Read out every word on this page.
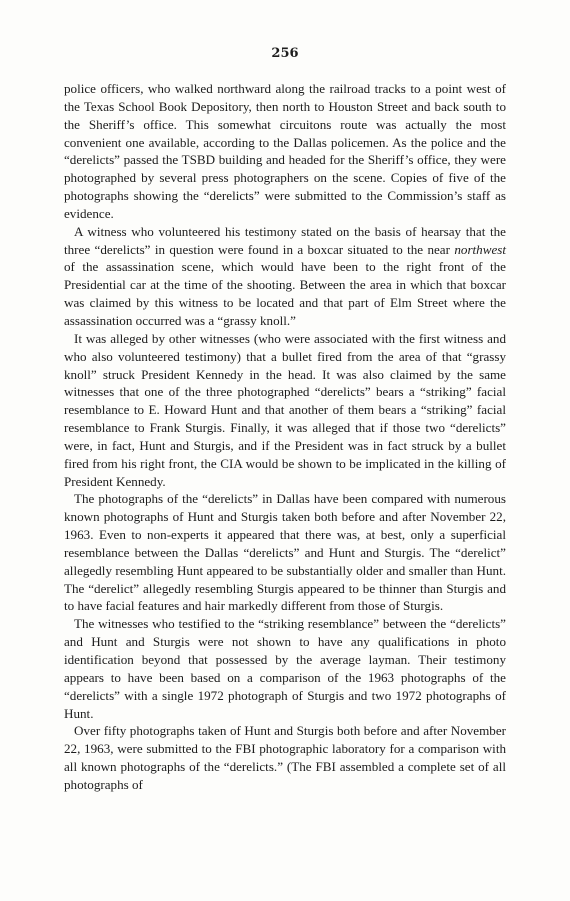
256

police officers, who walked northward along the railroad tracks to a point west of the Texas School Book Depository, then north to Houston Street and back south to the Sheriff’s office. This somewhat circuitons route was actually the most convenient one available, according to the Dallas policemen. As the police and the “derelicts” passed the TSBD building and headed for the Sheriff’s office, they were photographed by several press photographers on the scene. Copies of five of the photographs showing the “derelicts” were submitted to the Commission’s staff as evidence.

A witness who volunteered his testimony stated on the basis of hearsay that the three “derelicts” in question were found in a boxcar situated to the near northwest of the assassination scene, which would have been to the right front of the Presidential car at the time of the shooting. Between the area in which that boxcar was claimed by this witness to be located and that part of Elm Street where the assassination occurred was a “grassy knoll.”

It was alleged by other witnesses (who were associated with the first witness and who also volunteered testimony) that a bullet fired from the area of that “grassy knoll” struck President Kennedy in the head. It was also claimed by the same witnesses that one of the three photographed “derelicts” bears a “striking” facial resemblance to E. Howard Hunt and that another of them bears a “striking” facial resemblance to Frank Sturgis. Finally, it was alleged that if those two “derelicts” were, in fact, Hunt and Sturgis, and if the President was in fact struck by a bullet fired from his right front, the CIA would be shown to be implicated in the killing of President Kennedy.

The photographs of the “derelicts” in Dallas have been compared with numerous known photographs of Hunt and Sturgis taken both before and after November 22, 1963. Even to non-experts it appeared that there was, at best, only a superficial resemblance between the Dallas “derelicts” and Hunt and Sturgis. The “derelict” allegedly resembling Hunt appeared to be substantially older and smaller than Hunt. The “derelict” allegedly resembling Sturgis appeared to be thinner than Sturgis and to have facial features and hair markedly different from those of Sturgis.

The witnesses who testified to the “striking resemblance” between the “derelicts” and Hunt and Sturgis were not shown to have any qualifications in photo identification beyond that possessed by the average layman. Their testimony appears to have been based on a comparison of the 1963 photographs of the “derelicts” with a single 1972 photograph of Sturgis and two 1972 photographs of Hunt.

Over fifty photographs taken of Hunt and Sturgis both before and after November 22, 1963, were submitted to the FBI photographic laboratory for a comparison with all known photographs of the “derelicts.” (The FBI assembled a complete set of all photographs of
